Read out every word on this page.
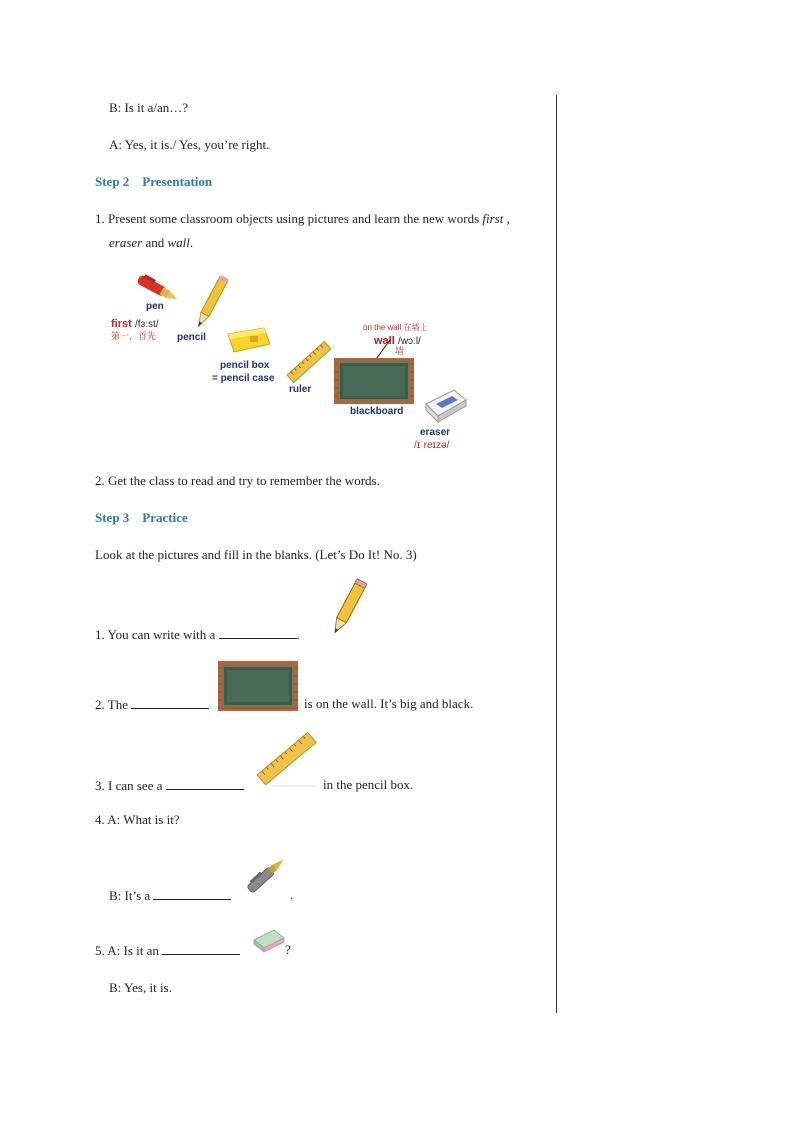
B: Is it a/an…?
A: Yes, it is./ Yes, you’re right.
Step 2    Presentation
1. Present some classroom objects using pictures and learn the new words first ,
eraser and wall.
pen
first /fɜːst/
第一，首先 pencil
pencil box
= pencil case
ruler
on the wall 在墙上
wall /wɔːl/
墙
blackboard
eraser
/ɪˈreɪzə/
2. Get the class to read and try to remember the words.
Step 3    Practice
Look at the pictures and fill in the blanks. (Let’s Do It! No. 3)
1. You can write with a	.
2. The	is on the wall. It’s big and black.
3. I can see a	in the pencil box.
4. A: What is it?
B: It’s a	.
5. A: Is it an	?
B: Yes, it is.
